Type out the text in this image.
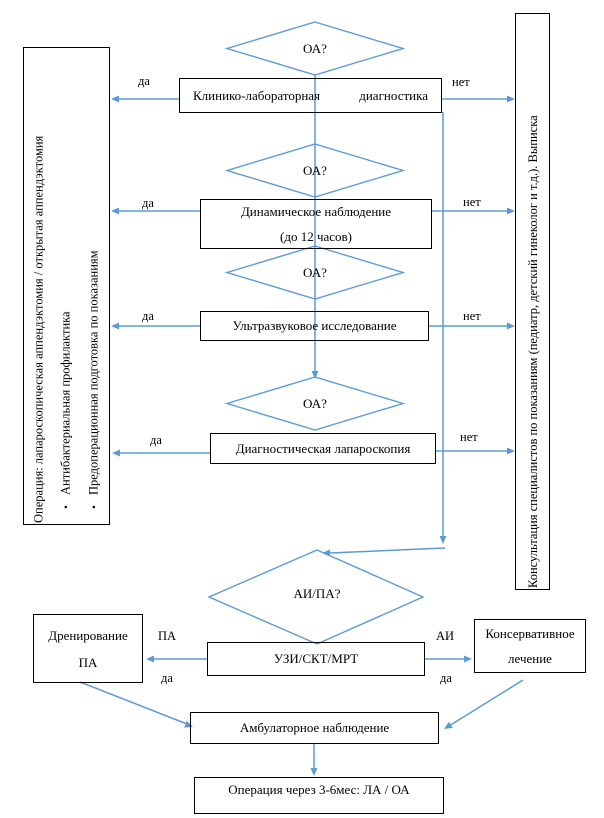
Операция: лапароскопическая аппендэктомия / открытая аппендэктомия	•Антибактериальная профилактика
•Предоперационная подготовка по показаниям	Консультация специалистов по показаниям (педиатр, детский гинеколог и т.д.). Выписка
ОА?
ОА?
ОА?
ОА?
АИ/ПА?
Клинико-лабораторная	диагностика
Динамическое наблюдение
(до 12 часов)
Ультразвуковое исследование
Диагностическая лапароскопия
УЗИ/СКТ/МРТ
Дренирование
ПА
Консервативное
лечение
Амбулаторное наблюдение
Операция через 3-6мес: ЛА / ОА
да	нет
да	нет
да	нет
да	нет
ПА
да
АИ
да
